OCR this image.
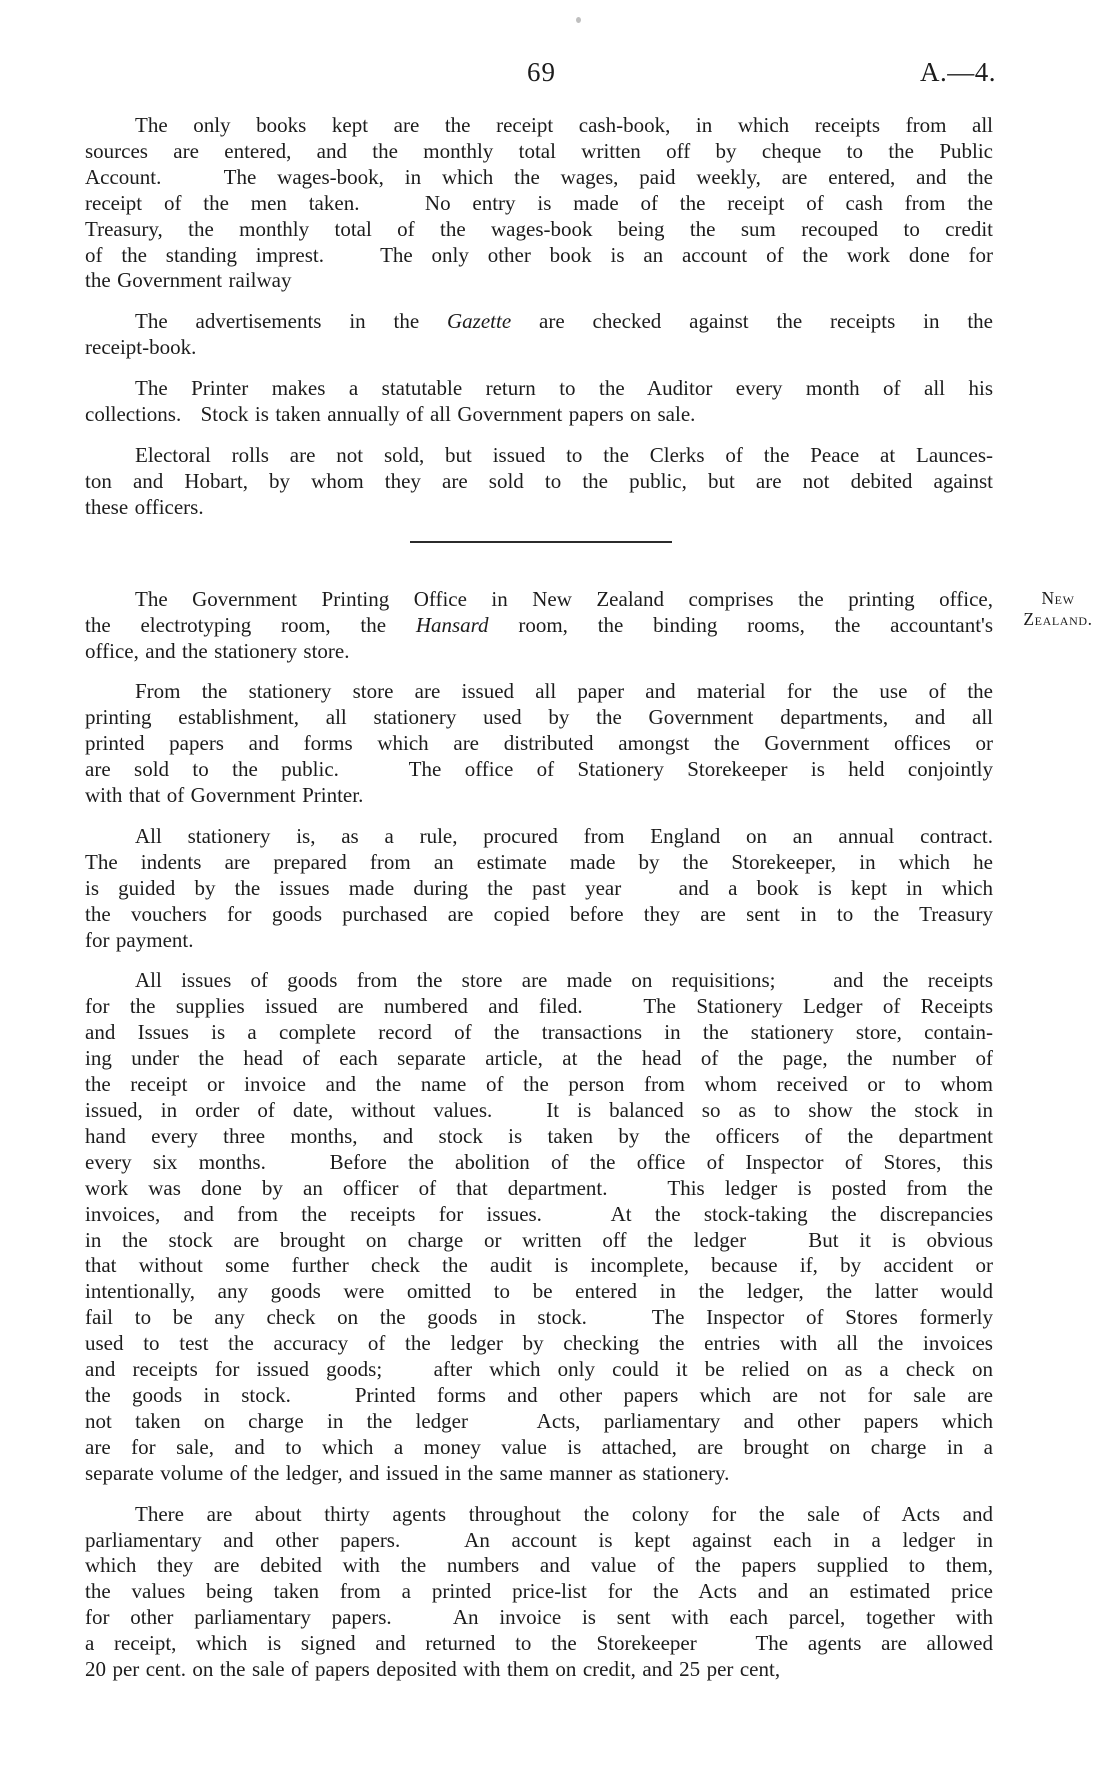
69	A.—4.
The only books kept are the receipt cash-book, in which receipts from all
sources are entered, and the monthly total written off by cheque to the Public
Account.   The wages-book, in which the wages, paid weekly, are entered, and the
receipt of the men taken.   No entry is made of the receipt of cash from the
Treasury, the monthly total of the wages-book being the sum recouped to credit
of the standing imprest.   The only other book is an account of the work done for
the Government railway
The advertisements in the Gazette are checked against the receipts in the
receipt-book.
The Printer makes a statutable return to the Auditor every month of all his
collections.   Stock is taken annually of all Government papers on sale.
Electoral rolls are not sold, but issued to the Clerks of the Peace at Launces-
ton and Hobart, by whom they are sold to the public, but are not debited against
these officers.
The Government Printing Office in New Zealand comprises the printing office,
the electrotyping room, the Hansard room, the binding rooms, the accountant's
office, and the stationery store.
From the stationery store are issued all paper and material for the use of the
printing establishment, all stationery used by the Government departments, and all
printed papers and forms which are distributed amongst the Government offices or
are sold to the public.   The office of Stationery Storekeeper is held conjointly
with that of Government Printer.
All stationery is, as a rule, procured from England on an annual contract.
The indents are prepared from an estimate made by the Storekeeper, in which he
is guided by the issues made during the past year   and a book is kept in which
the vouchers for goods purchased are copied before they are sent in to the Treasury
for payment.
All issues of goods from the store are made on requisitions;   and the receipts
for the supplies issued are numbered and filed.   The Stationery Ledger of Receipts
and Issues is a complete record of the transactions in the stationery store, contain-
ing under the head of each separate article, at the head of the page, the number of
the receipt or invoice and the name of the person from whom received or to whom
issued, in order of date, without values.   It is balanced so as to show the stock in
hand every three months, and stock is taken by the officers of the department
every six months.   Before the abolition of the office of Inspector of Stores, this
work was done by an officer of that department.   This ledger is posted from the
invoices, and from the receipts for issues.   At the stock-taking the discrepancies
in the stock are brought on charge or written off the ledger   But it is obvious
that without some further check the audit is incomplete, because if, by accident or
intentionally, any goods were omitted to be entered in the ledger, the latter would
fail to be any check on the goods in stock.   The Inspector of Stores formerly
used to test the accuracy of the ledger by checking the entries with all the invoices
and receipts for issued goods;   after which only could it be relied on as a check on
the goods in stock.   Printed forms and other papers which are not for sale are
not taken on charge in the ledger   Acts, parliamentary and other papers which
are for sale, and to which a money value is attached, are brought on charge in a
separate volume of the ledger, and issued in the same manner as stationery.
There are about thirty agents throughout the colony for the sale of Acts and
parliamentary and other papers.   An account is kept against each in a ledger in
which they are debited with the numbers and value of the papers supplied to them,
the values being taken from a printed price-list for the Acts and an estimated price
for other parliamentary papers.   An invoice is sent with each parcel, together with
a receipt, which is signed and returned to the Storekeeper   The agents are allowed
20 per cent. on the sale of papers deposited with them on credit, and 25 per cent,
New
Zealand.
